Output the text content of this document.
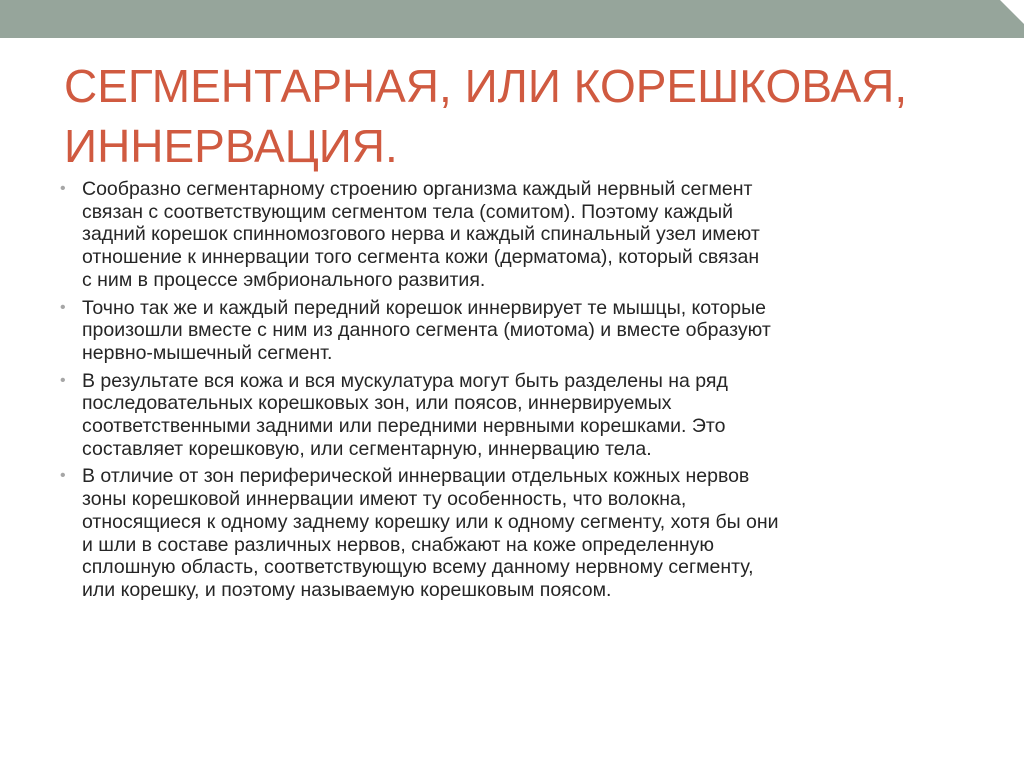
СЕГМЕНТАРНАЯ, ИЛИ КОРЕШКОВАЯ,
ИННЕРВАЦИЯ.
• Сообразно сегментарному строению организма каждый нервный сегмент
связан с соответствующим сегментом тела (сомитом). Поэтому каждый
задний корешок спинномозгового нерва и каждый спинальный узел имеют
отношение к иннервации того сегмента кожи (дерматома), который связан
с ним в процессе эмбрионального развития.
• Точно так же и каждый передний корешок иннервирует те мышцы, которые
произошли вместе с ним из данного сегмента (миотома) и вместе образуют
нервно-мышечный сегмент.
• В результате вся кожа и вся мускулатура могут быть разделены на ряд
последовательных корешковых зон, или поясов, иннервируемых
соответственными задними или передними нервными корешками. Это
составляет корешковую, или сегментарную, иннервацию тела.
• В отличие от зон периферической иннервации отдельных кожных нервов
зоны корешковой иннервации имеют ту особенность, что волокна,
относящиеся к одному заднему корешку или к одному сегменту, хотя бы они
и шли в составе различных нервов, снабжают на коже определенную
сплошную область, соответствующую всему данному нервному сегменту,
или корешку, и поэтому называемую корешковым поясом.
